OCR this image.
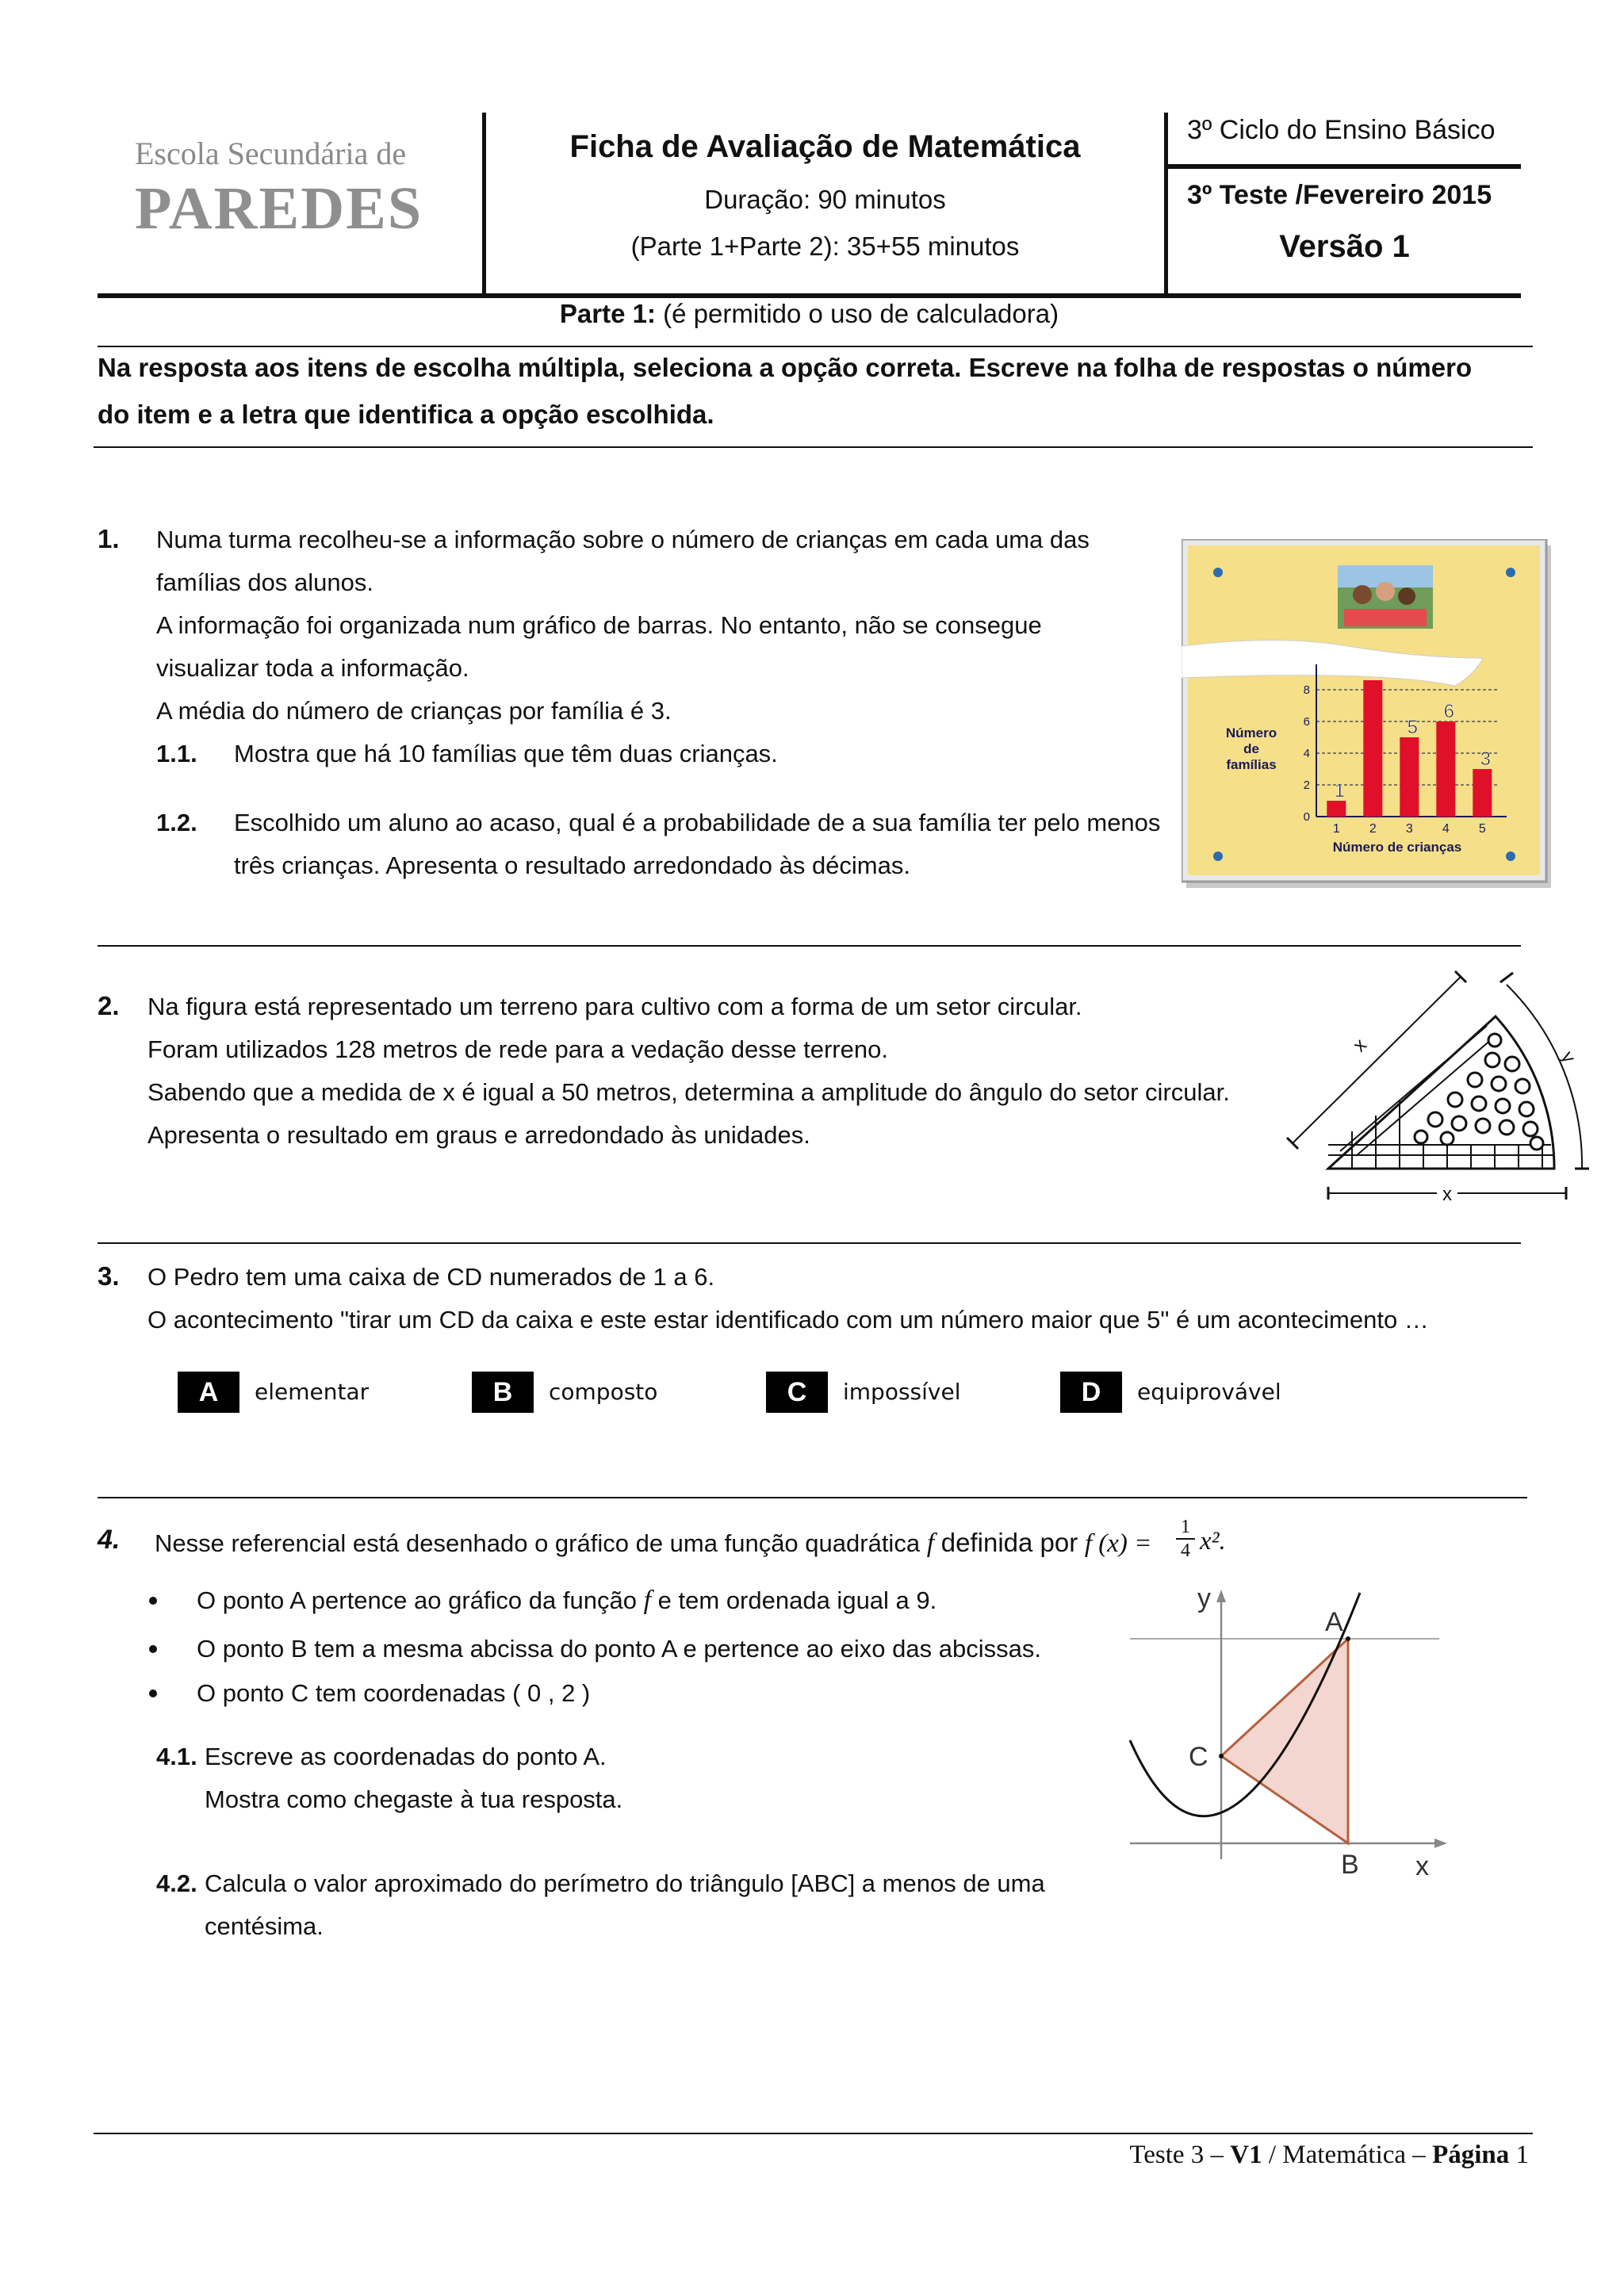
Escola Secundária de
PAREDES
Ficha de Avaliação de Matemática
Duração: 90 minutos
(Parte 1+Parte 2): 35+55 minutos
3º Ciclo do Ensino Básico
3º Teste /Fevereiro 2015
Versão 1
Parte 1: (é permitido o uso de calculadora)
Na resposta aos itens de escolha múltipla, seleciona a opção correta. Escreve na folha de respostas o número
do item e a letra que identifica a opção escolhida.
1. Numa turma recolheu-se a informação sobre o número de crianças em cada uma das
famílias dos alunos.
A informação foi organizada num gráfico de barras. No entanto, não se consegue
visualizar toda a informação.
A média do número de crianças por família é 3.
1.1. Mostra que há 10 famílias que têm duas crianças.
1.2. Escolhido um aluno ao acaso, qual é a probabilidade de a sua família ter pelo menos
três crianças. Apresenta o resultado arredondado às décimas.
0
2
4
6
8
1
1
2 3
5
4
6
5
3
Número
de
famílias
Número de crianças
2. Na figura está representado um terreno para cultivo com a forma de um setor circular.
Foram utilizados 128 metros de rede para a vedação desse terreno.
Sabendo que a medida de x é igual a 50 metros, determina a amplitude do ângulo do setor circular.
Apresenta o resultado em graus e arredondado às unidades.
x
y
x
3. O Pedro tem uma caixa de CD numerados de 1 a 6.
O acontecimento "tirar um CD da caixa e este estar identificado com um número maior que 5" é um acontecimento …
A	elementar	B	composto	C	impossível	D	equiprovável
4. Nesse referencial está desenhado o gráfico de uma função quadrática f definida por f (x) =
1
4 x².
O ponto A pertence ao gráfico da função f e tem ordenada igual a 9.
O ponto B tem a mesma abcissa do ponto A e pertence ao eixo das abcissas.
O ponto C tem coordenadas ( 0 , 2 )
4.1. Escreve as coordenadas do ponto A.
Mostra como chegaste à tua resposta.
4.2. Calcula o valor aproximado do perímetro do triângulo [ABC] a menos de uma
centésima.
y
x
A
B
C
Teste 3 – V1 / Matemática – Página 1
